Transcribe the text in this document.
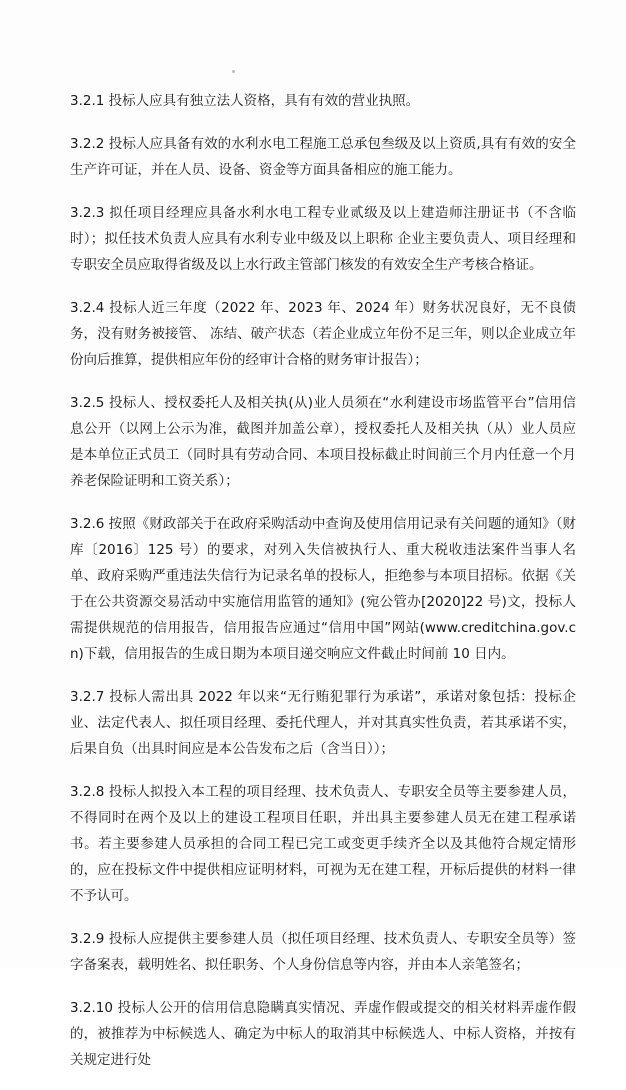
3.2.1 投标人应具有独立法人资格，具有有效的营业执照。

3.2.2 投标人应具备有效的水利水电工程施工总承包叁级及以上资质,具有有效的安全生产许可证，并在人员、设备、资金等方面具备相应的施工能力。

3.2.3 拟任项目经理应具备水利水电工程专业贰级及以上建造师注册证书（不含临时）；拟任技术负责人应具有水利专业中级及以上职称 企业主要负责人、项目经理和专职安全员应取得省级及以上水行政主管部门核发的有效安全生产考核合格证。

3.2.4 投标人近三年度（2022 年、2023 年、2024 年）财务状况良好，无不良债务，没有财务被接管、 冻结、破产状态（若企业成立年份不足三年，则以企业成立年份向后推算，提供相应年份的经审计合格的财务审计报告）；

3.2.5 投标人、授权委托人及相关执(从)业人员须在“水利建设市场监管平台”信用信息公开（以网上公示为准，截图并加盖公章），授权委托人及相关执（从）业人员应是本单位正式员工（同时具有劳动合同、本项目投标截止时间前三个月内任意一个月养老保险证明和工资关系）；

3.2.6 按照《财政部关于在政府采购活动中查询及使用信用记录有关问题的通知》（财库〔2016〕125 号）的要求，对列入失信被执行人、重大税收违法案件当事人名单、政府采购严重违法失信行为记录名单的投标人，拒绝参与本项目招标。依据《关于在公共资源交易活动中实施信用监管的通知》(宛公管办[2020]22 号)文，投标人需提供规范的信用报告，信用报告应通过“信用中国”网站(www.creditchina.gov.cn)下载，信用报告的生成日期为本项目递交响应文件截止时间前 10 日内。

3.2.7 投标人需出具 2022 年以来“无行贿犯罪行为承诺”，承诺对象包括：投标企业、法定代表人、拟任项目经理、委托代理人，并对其真实性负责，若其承诺不实，后果自负（出具时间应是本公告发布之后（含当日））；

3.2.8 投标人拟投入本工程的项目经理、技术负责人、专职安全员等主要参建人员，不得同时在两个及以上的建设工程项目任职，并出具主要参建人员无在建工程承诺书。若主要参建人员承担的合同工程已完工或变更手续齐全以及其他符合规定情形的，应在投标文件中提供相应证明材料，可视为无在建工程，开标后提供的材料一律不予认可。

3.2.9 投标人应提供主要参建人员（拟任项目经理、技术负责人、专职安全员等）签字备案表，载明姓名、拟任职务、个人身份信息等内容，并由本人亲笔签名；

3.2.10 投标人公开的信用信息隐瞒真实情况、弄虚作假或提交的相关材料弄虚作假的，被推荐为中标候选人、确定为中标人的取消其中标候选人、中标人资格，并按有关规定进行处
